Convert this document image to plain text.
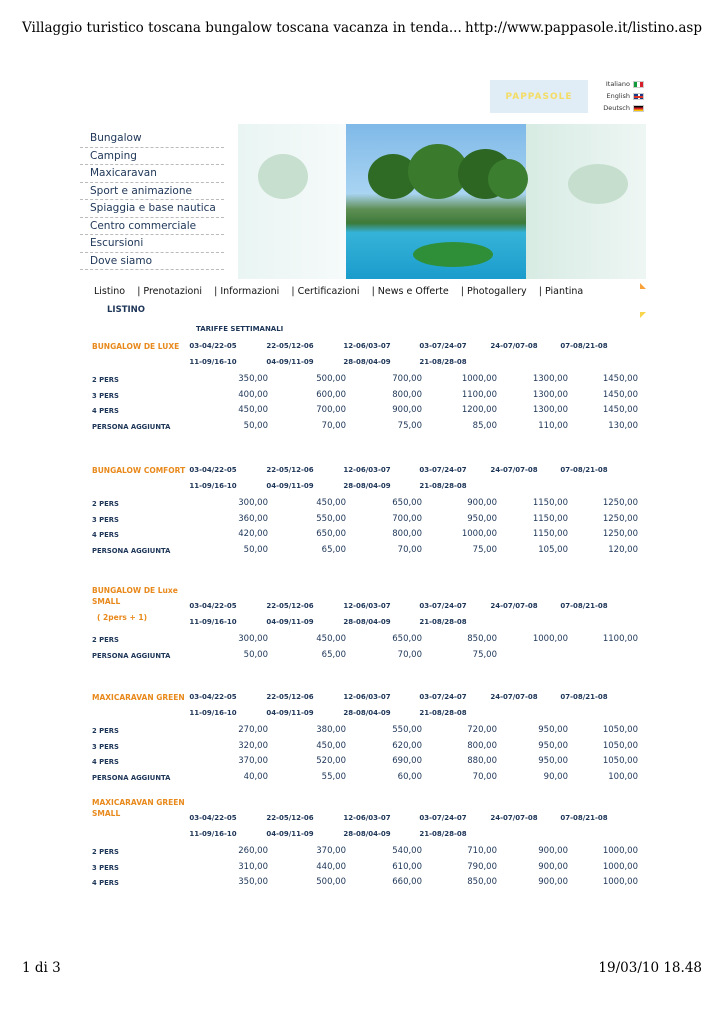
Villaggio turistico toscana bungalow toscana vacanza in tenda... http://www.pappasole.it/listino.asp
Italiano
English
Deutsch
PAPPASOLE
Bungalow
Camping
Maxicaravan
Sport e animazione
Spiaggia e base nautica
Centro commerciale
Escursioni
Dove siamo
Listino | Prenotazioni | Informazioni | Certificazioni | News e Offerte | Photogallery | Piantina
LISTINO
TARIFFE SETTIMANALI
BUNGALOW DE LUXE	03-04/22-05	22-05/12-06	12-06/03-07	03-07/24-07	24-07/07-08	07-08/21-08
11-09/16-10	04-09/11-09	28-08/04-09	21-08/28-08
2 PERS	350,00	500,00	700,00	1000,00	1300,00	1450,00
3 PERS	400,00	600,00	800,00	1100,00	1300,00	1450,00
4 PERS	450,00	700,00	900,00	1200,00	1300,00	1450,00
PERSONA AGGIUNTA	50,00	70,00	75,00	85,00	110,00	130,00
BUNGALOW COMFORT 03-04/22-05	22-05/12-06	12-06/03-07	03-07/24-07	24-07/07-08	07-08/21-08
11-09/16-10	04-09/11-09	28-08/04-09	21-08/28-08
2 PERS	300,00	450,00	650,00	900,00	1150,00	1250,00
3 PERS	360,00	550,00	700,00	950,00	1150,00	1250,00
4 PERS	420,00	650,00	800,00	1000,00	1150,00	1250,00
PERSONA AGGIUNTA	50,00	65,00	70,00	75,00	105,00	120,00
BUNGALOW DE Luxe SMALL
( 2pers + 1)
03-04/22-05	22-05/12-06	12-06/03-07	03-07/24-07	24-07/07-08	07-08/21-08
11-09/16-10	04-09/11-09	28-08/04-09	21-08/28-08
2 PERS	300,00	450,00	650,00	850,00	1000,00	1100,00
PERSONA AGGIUNTA	50,00	65,00	70,00	75,00
MAXICARAVAN GREEN 03-04/22-05	22-05/12-06	12-06/03-07	03-07/24-07	24-07/07-08	07-08/21-08
11-09/16-10	04-09/11-09	28-08/04-09	21-08/28-08
2 PERS	270,00	380,00	550,00	720,00	950,00	1050,00
3 PERS	320,00	450,00	620,00	800,00	950,00	1050,00
4 PERS	370,00	520,00	690,00	880,00	950,00	1050,00
PERSONA AGGIUNTA	40,00	55,00	60,00	70,00	90,00	100,00
MAXICARAVAN GREEN SMALL	03-04/22-05	22-05/12-06	12-06/03-07	03-07/24-07	24-07/07-08	07-08/21-08
11-09/16-10	04-09/11-09	28-08/04-09	21-08/28-08
2 PERS	260,00	370,00	540,00	710,00	900,00	1000,00
3 PERS	310,00	440,00	610,00	790,00	900,00	1000,00
4 PERS	350,00	500,00	660,00	850,00	900,00	1000,00
1 di 3	19/03/10 18.48
